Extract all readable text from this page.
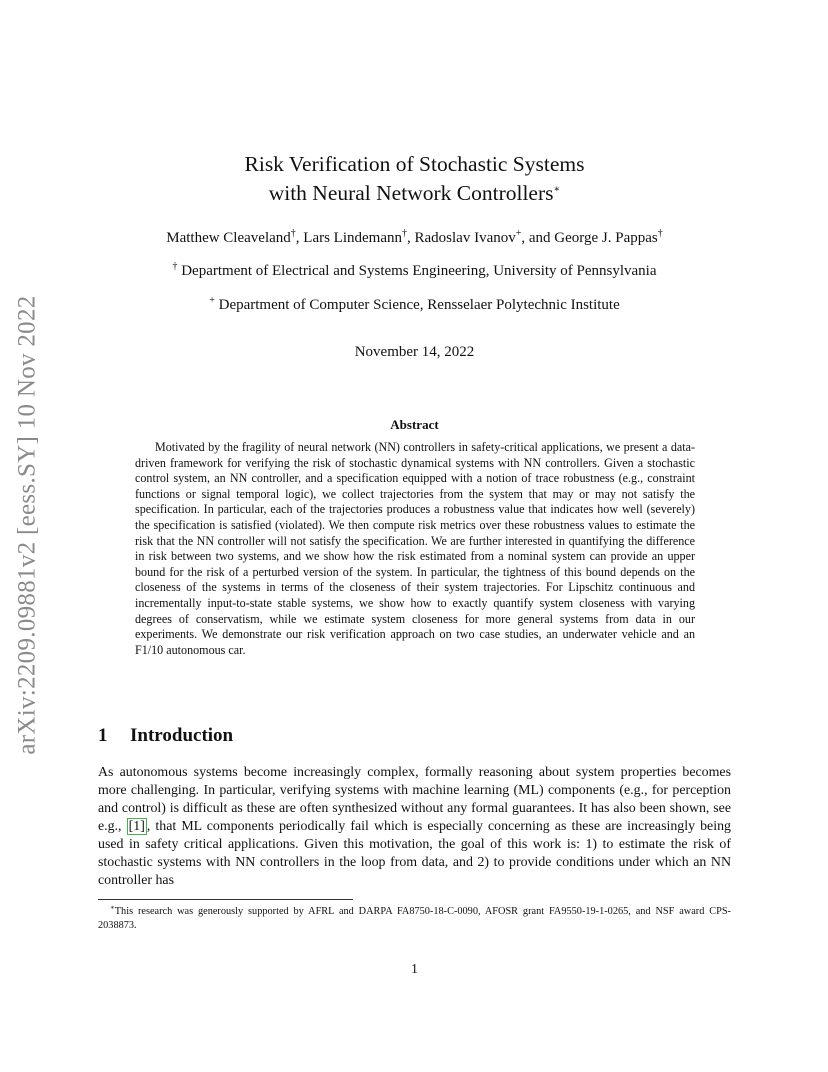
arXiv:2209.09881v2 [eess.SY] 10 Nov 2022
Risk Verification of Stochastic Systems
with Neural Network Controllers∗
Matthew Cleaveland†, Lars Lindemann†, Radoslav Ivanov+, and George J. Pappas†
† Department of Electrical and Systems Engineering, University of Pennsylvania
+ Department of Computer Science, Rensselaer Polytechnic Institute
November 14, 2022
Abstract

Motivated by the fragility of neural network (NN) controllers in safety-critical applications, we present a data-driven framework for verifying the risk of stochastic dynamical systems with NN controllers. Given a stochastic control system, an NN controller, and a specification equipped with a notion of trace robustness (e.g., constraint functions or signal temporal logic), we collect trajectories from the system that may or may not satisfy the specification. In particular, each of the trajectories produces a robustness value that indicates how well (severely) the specification is satisfied (violated). We then compute risk metrics over these robustness values to estimate the risk that the NN controller will not satisfy the specification. We are further interested in quantifying the difference in risk between two systems, and we show how the risk estimated from a nominal system can provide an upper bound for the risk of a perturbed version of the system. In particular, the tightness of this bound depends on the closeness of the systems in terms of the closeness of their system trajectories. For Lipschitz continuous and incrementally input-to-state stable systems, we show how to exactly quantify system closeness with varying degrees of conservatism, while we estimate system closeness for more general systems from data in our experiments. We demonstrate our risk verification approach on two case studies, an underwater vehicle and an F1/10 autonomous car.

1 Introduction

As autonomous systems become increasingly complex, formally reasoning about system properties becomes more challenging. In particular, verifying systems with machine learning (ML) components (e.g., for perception and control) is difficult as these are often synthesized without any formal guarantees. It has also been shown, see e.g., [1] , that ML components periodically fail which is especially concerning as these are increasingly being used in safety critical applications. Given this motivation, the goal of this work is: 1) to estimate the risk of stochastic systems with NN controllers in the loop from data, and 2) to provide conditions under which an NN controller has

∗This research was generously supported by AFRL and DARPA FA8750-18-C-0090, AFOSR grant FA9550-19-1-0265, and NSF award CPS-2038873.

1
